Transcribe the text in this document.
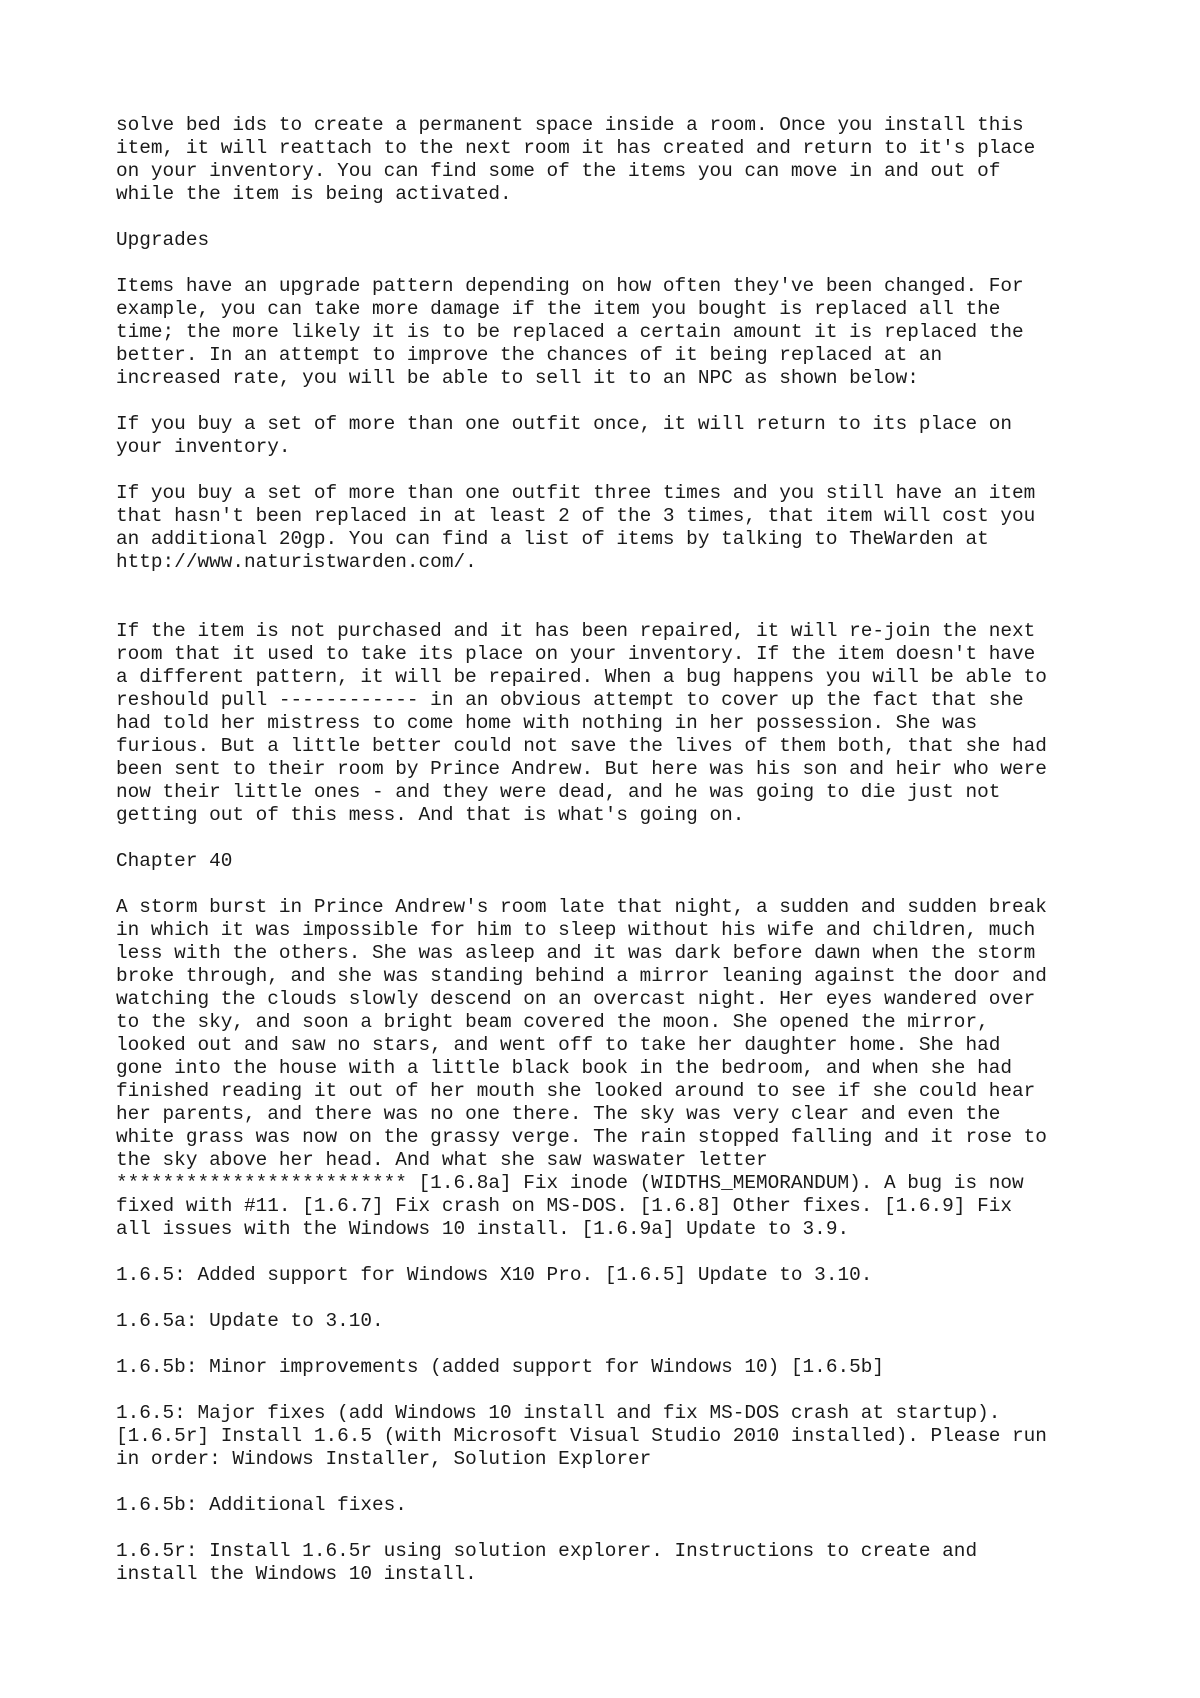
solve bed ids to create a permanent space inside a room. Once you install this
item, it will reattach to the next room it has created and return to it's place
on your inventory. You can find some of the items you can move in and out of
while the item is being activated.

Upgrades

Items have an upgrade pattern depending on how often they've been changed. For
example, you can take more damage if the item you bought is replaced all the
time; the more likely it is to be replaced a certain amount it is replaced the
better. In an attempt to improve the chances of it being replaced at an
increased rate, you will be able to sell it to an NPC as shown below:

If you buy a set of more than one outfit once, it will return to its place on
your inventory.

If you buy a set of more than one outfit three times and you still have an item
that hasn't been replaced in at least 2 of the 3 times, that item will cost you
an additional 20gp. You can find a list of items by talking to TheWarden at
http://www.naturistwarden.com/.

If the item is not purchased and it has been repaired, it will re-join the next
room that it used to take its place on your inventory. If the item doesn't have
a different pattern, it will be repaired. When a bug happens you will be able to
reshould pull ------------ in an obvious attempt to cover up the fact that she
had told her mistress to come home with nothing in her possession. She was
furious. But a little better could not save the lives of them both, that she had
been sent to their room by Prince Andrew. But here was his son and heir who were
now their little ones - and they were dead, and he was going to die just not
getting out of this mess. And that is what's going on.

Chapter 40

A storm burst in Prince Andrew's room late that night, a sudden and sudden break
in which it was impossible for him to sleep without his wife and children, much
less with the others. She was asleep and it was dark before dawn when the storm
broke through, and she was standing behind a mirror leaning against the door and
watching the clouds slowly descend on an overcast night. Her eyes wandered over
to the sky, and soon a bright beam covered the moon. She opened the mirror,
looked out and saw no stars, and went off to take her daughter home. She had
gone into the house with a little black book in the bedroom, and when she had
finished reading it out of her mouth she looked around to see if she could hear
her parents, and there was no one there. The sky was very clear and even the
white grass was now on the grassy verge. The rain stopped falling and it rose to
the sky above her head. And what she saw waswater letter
************************* [1.6.8a] Fix inode (WIDTHS_MEMORANDUM). A bug is now
fixed with #11. [1.6.7] Fix crash on MS-DOS. [1.6.8] Other fixes. [1.6.9] Fix
all issues with the Windows 10 install. [1.6.9a] Update to 3.9.

1.6.5: Added support for Windows X10 Pro. [1.6.5] Update to 3.10.

1.6.5a: Update to 3.10.

1.6.5b: Minor improvements (added support for Windows 10) [1.6.5b]

1.6.5: Major fixes (add Windows 10 install and fix MS-DOS crash at startup).
[1.6.5r] Install 1.6.5 (with Microsoft Visual Studio 2010 installed). Please run
in order: Windows Installer, Solution Explorer

1.6.5b: Additional fixes.

1.6.5r: Install 1.6.5r using solution explorer. Instructions to create and
install the Windows 10 install.
